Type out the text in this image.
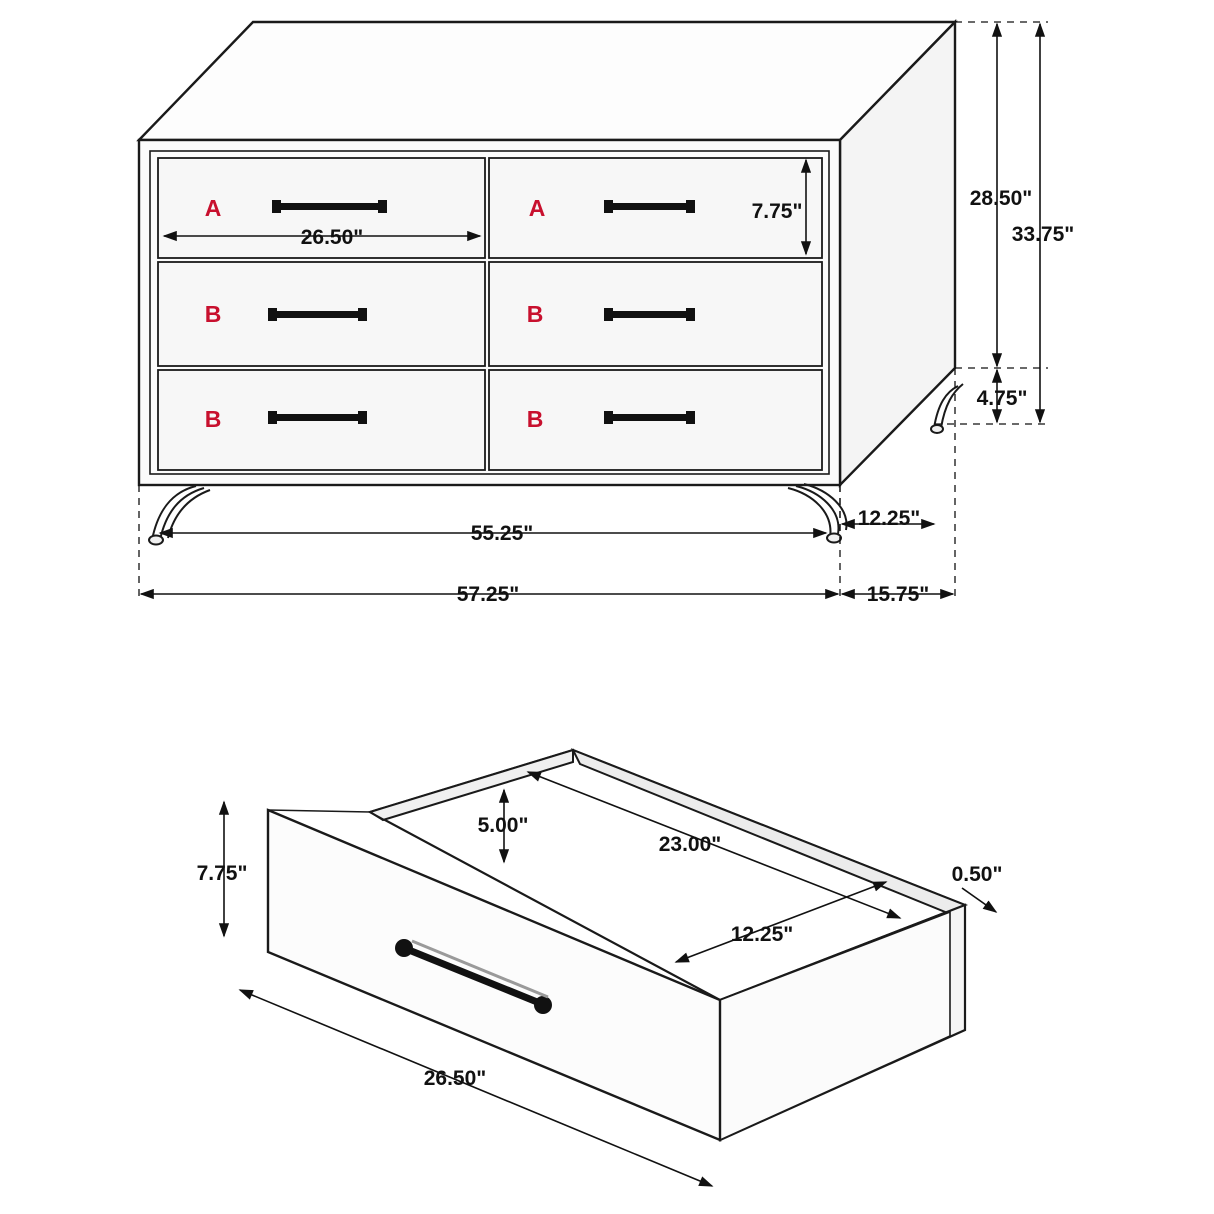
A	A
B	B
B	B
26.50"
7.75"
28.50"
33.75"
4.75"
55.25"
57.25"
12.25"
15.75"
5.00"
7.75"
23.00"
12.25"
0.50"
26.50"
